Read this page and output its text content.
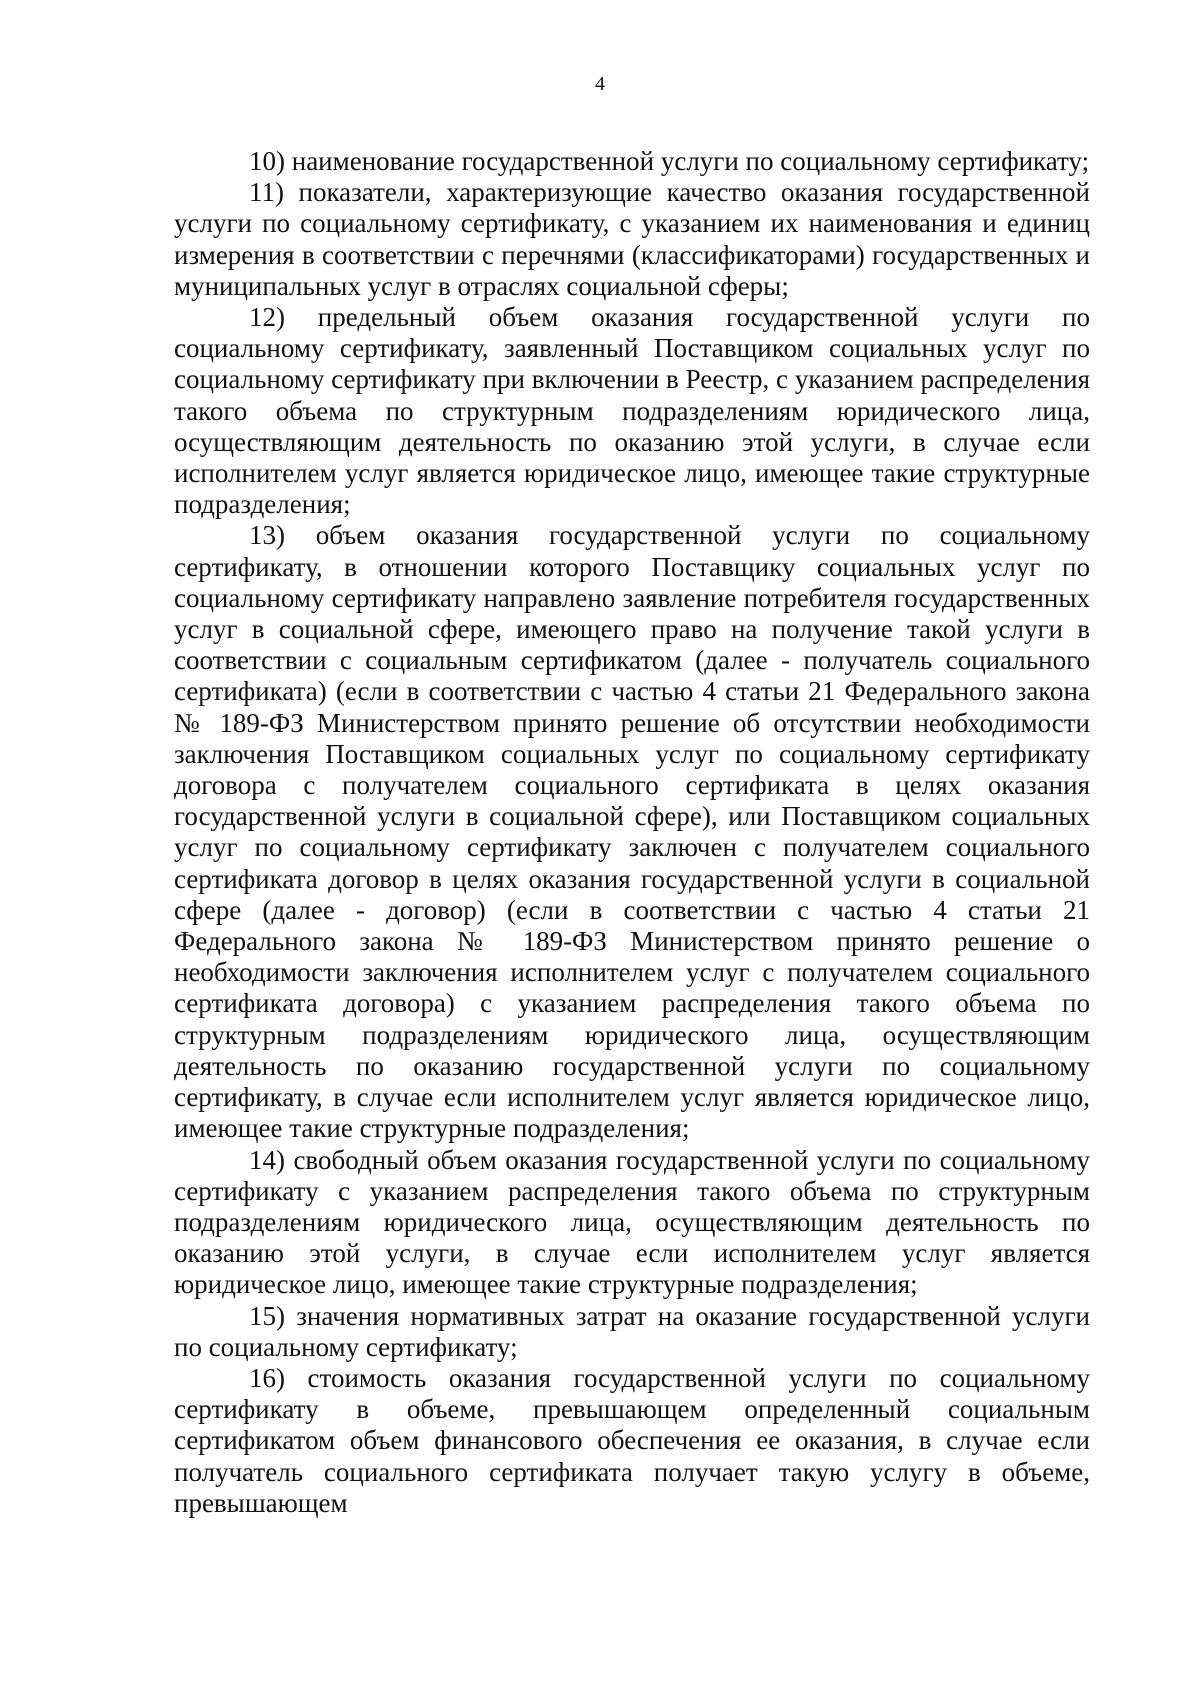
4

10) наименование государственной услуги по социальному сертификату;

11) показатели, характеризующие качество оказания государственной услуги по социальному сертификату, с указанием их наименования и единиц измерения в соответствии с перечнями (классификаторами) государственных и муниципальных услуг в отраслях социальной сферы;

12) предельный объем оказания государственной услуги по социальному сертификату, заявленный Поставщиком социальных услуг по социальному сертификату при включении в Реестр, с указанием распределения такого объема по структурным подразделениям юридического лица, осуществляющим деятельность по оказанию этой услуги, в случае если исполнителем услуг является юридическое лицо, имеющее такие структурные подразделения;

13) объем оказания государственной услуги по социальному сертификату, в отношении которого Поставщику социальных услуг по социальному сертификату направлено заявление потребителя государственных услуг в социальной сфере, имеющего право на получение такой услуги в соответствии с социальным сертификатом (далее - получатель социального сертификата) (если в соответствии с частью 4 статьи 21 Федерального закона № 189-ФЗ Министерством принято решение об отсутствии необходимости заключения Поставщиком социальных услуг по социальному сертификату договора с получателем социального сертификата в целях оказания государственной услуги в социальной сфере), или Поставщиком социальных услуг по социальному сертификату заключен с получателем социального сертификата договор в целях оказания государственной услуги в социальной сфере (далее - договор) (если в соответствии с частью 4 статьи 21 Федерального закона № 189-ФЗ Министерством принято решение о необходимости заключения исполнителем услуг с получателем социального сертификата договора) с указанием распределения такого объема по структурным подразделениям юридического лица, осуществляющим деятельность по оказанию государственной услуги по социальному сертификату, в случае если исполнителем услуг является юридическое лицо, имеющее такие структурные подразделения;

14) свободный объем оказания государственной услуги по социальному сертификату с указанием распределения такого объема по структурным подразделениям юридического лица, осуществляющим деятельность по оказанию этой услуги, в случае если исполнителем услуг является юридическое лицо, имеющее такие структурные подразделения;

15) значения нормативных затрат на оказание государственной услуги по социальному сертификату;

16) стоимость оказания государственной услуги по социальному сертификату в объеме, превышающем определенный социальным сертификатом объем финансового обеспечения ее оказания, в случае если получатель социального сертификата получает такую услугу в объеме, превышающем
